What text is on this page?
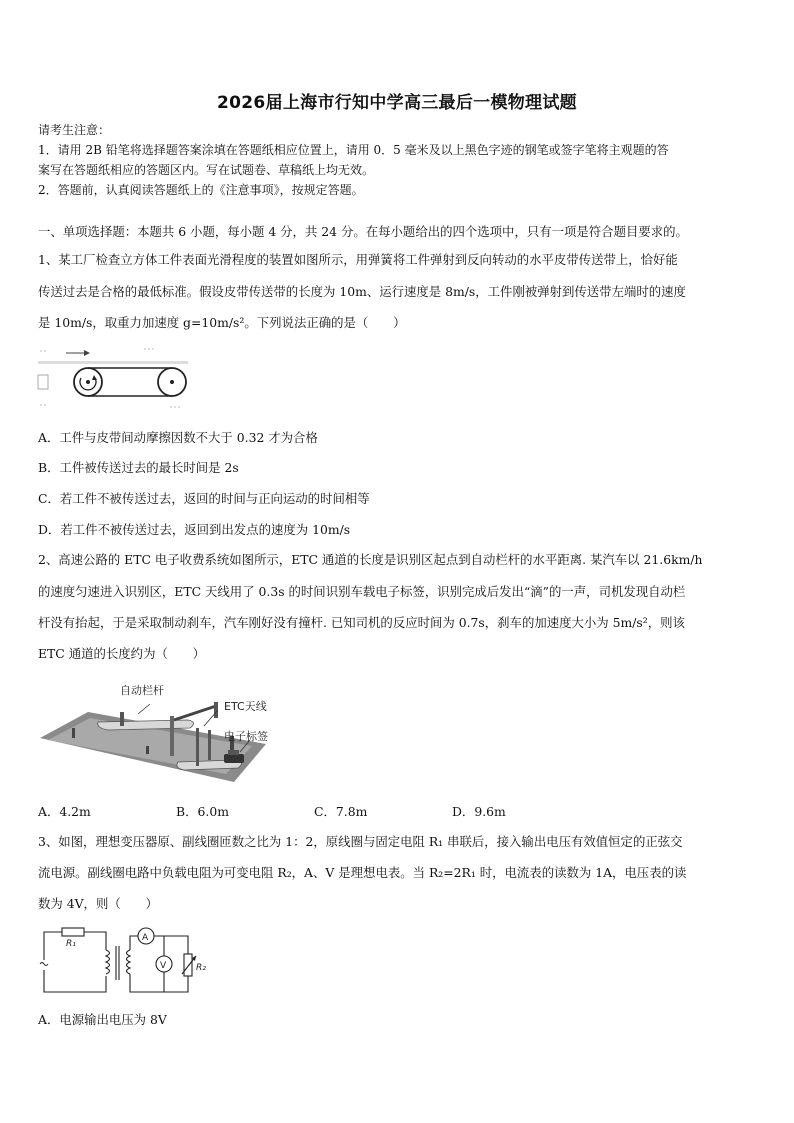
2026届上海市行知中学高三最后一模物理试题
请考生注意：
1．请用 2B 铅笔将选择题答案涂填在答题纸相应位置上，请用 0．5 毫米及以上黑色字迹的钢笔或签字笔将主观题的答
案写在答题纸相应的答题区内。写在试题卷、草稿纸上均无效。
2．答题前，认真阅读答题纸上的《注意事项》，按规定答题。
一、单项选择题：本题共 6 小题，每小题 4 分，共 24 分。在每小题给出的四个选项中，只有一项是符合题目要求的。
1、某工厂检查立方体工件表面光滑程度的装置如图所示，用弹簧将工件弹射到反向转动的水平皮带传送带上，恰好能
传送过去是合格的最低标准。假设皮带传送带的长度为 10m、运行速度是 8m/s，工件刚被弹射到传送带左端时的速度
是 10m/s，取重力加速度 g=10m/s²。下列说法正确的是（　　）
A．工件与皮带间动摩擦因数不大于 0.32 才为合格
B．工件被传送过去的最长时间是 2s
C．若工件不被传送过去，返回的时间与正向运动的时间相等
D．若工件不被传送过去，返回到出发点的速度为 10m/s
2、高速公路的 ETC 电子收费系统如图所示，ETC 通道的长度是识别区起点到自动栏杆的水平距离. 某汽车以 21.6km/h
的速度匀速进入识别区，ETC 天线用了 0.3s 的时间识别车载电子标签，识别完成后发出“滴”的一声，司机发现自动栏
杆没有抬起，于是采取制动刹车，汽车刚好没有撞杆. 已知司机的反应时间为 0.7s，刹车的加速度大小为 5m/s²，则该
ETC 通道的长度约为（　　）
自动栏杆
ETC天线
电子标签
A．4.2m	B．6.0m	C．7.8m	D．9.6m
3、如图，理想变压器原、副线圈匝数之比为 1：2，原线圈与固定电阻 R₁ 串联后，接入输出电压有效值恒定的正弦交
流电源。副线圈电路中负载电阻为可变电阻 R₂，A、V 是理想电表。当 R₂=2R₁ 时，电流表的读数为 1A，电压表的读
数为 4V，则（　　）
R₁
A
V	R₂
A．电源输出电压为 8V
